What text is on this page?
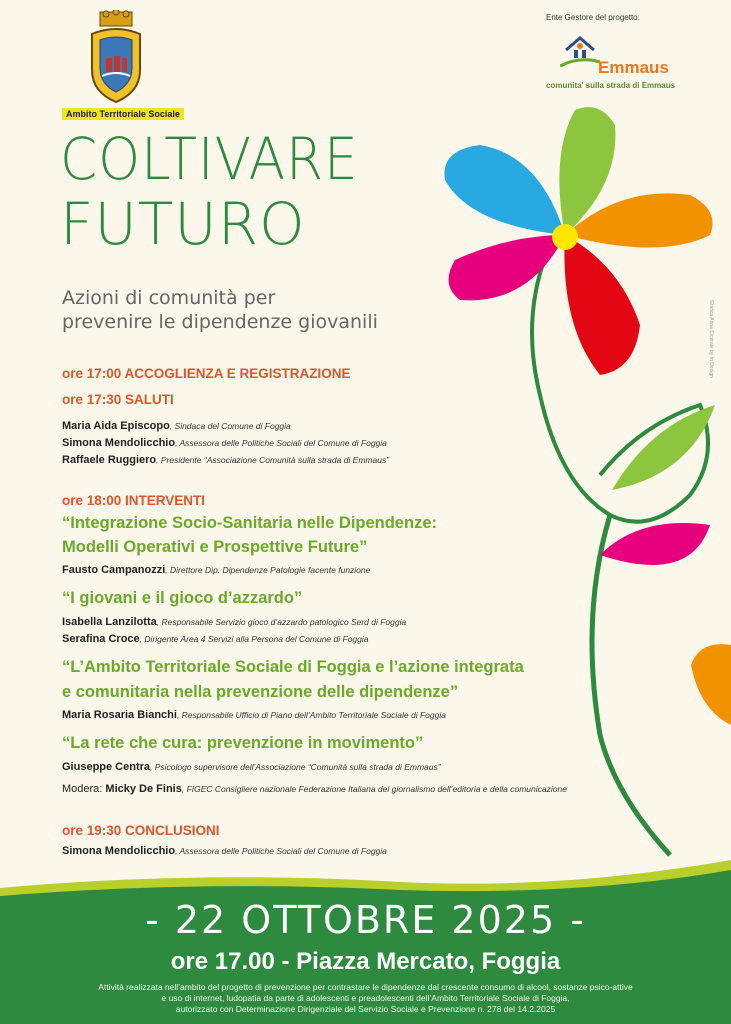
Ambito Territoriale Sociale
Ente Gestore del progetto:
Emmaus
comunita' sulla strada di Emmaus
COLTIVARE
FUTURO
Azioni di comunità per
prevenire le dipendenze giovanili	Grafica Anna Cicerale by In Design
ore 17:00 ACCOGLIENZA E REGISTRAZIONE
ore 17:30 SALUTI
Maria Aida Episcopo, Sindaca del Comune di Foggia
Simona Mendolicchio, Assessora delle Politiche Sociali del Comune di Foggia
Raffaele Ruggiero, Presidente “Associazione Comunità sulla strada di Emmaus”
ore 18:00 INTERVENTI
“Integrazione Socio-Sanitaria nelle Dipendenze:
Modelli Operativi e Prospettive Future”
Fausto Campanozzi, Direttore Dip. Dipendenze Patologie facente funzione
“I giovani e il gioco d’azzardo”
Isabella Lanzilotta, Responsabile Servizio gioco d’azzardo patologico Serd di Foggia
Serafina Croce, Dirigente Area 4 Servizi alla Persona del Comune di Foggia
“L’Ambito Territoriale Sociale di Foggia e l’azione integrata
e comunitaria nella prevenzione delle dipendenze”
Maria Rosaria Bianchi, Responsabile Ufficio di Piano dell’Ambito Territoriale Sociale di Foggia
“La rete che cura: prevenzione in movimento”
Giuseppe Centra, Psicologo supervisore dell’Associazione “Comunità sulla strada di Emmaus”
Modera: Micky De Finis, FIGEC Consigliere nazionale Federazione Italiana del giornalismo dell’editoria e della comunicazione
ore 19:30 CONCLUSIONI
Simona Mendolicchio, Assessora delle Politiche Sociali del Comune di Foggia
- 22 OTTOBRE 2025 -
ore 17.00 - Piazza Mercato, Foggia
Attività realizzata nell’ambito del progetto di prevenzione per contrastare le dipendenze dal crescente consumo di alcool, sostanze psico-attive
e uso di internet, ludopatia da parte di adolescenti e preadolescenti dell’Ambito Territoriale Sociale di Foggia,
autorizzato con Determinazione Dirigenziale del Servizio Sociale e Prevenzione n. 278 del 14.2.2025
